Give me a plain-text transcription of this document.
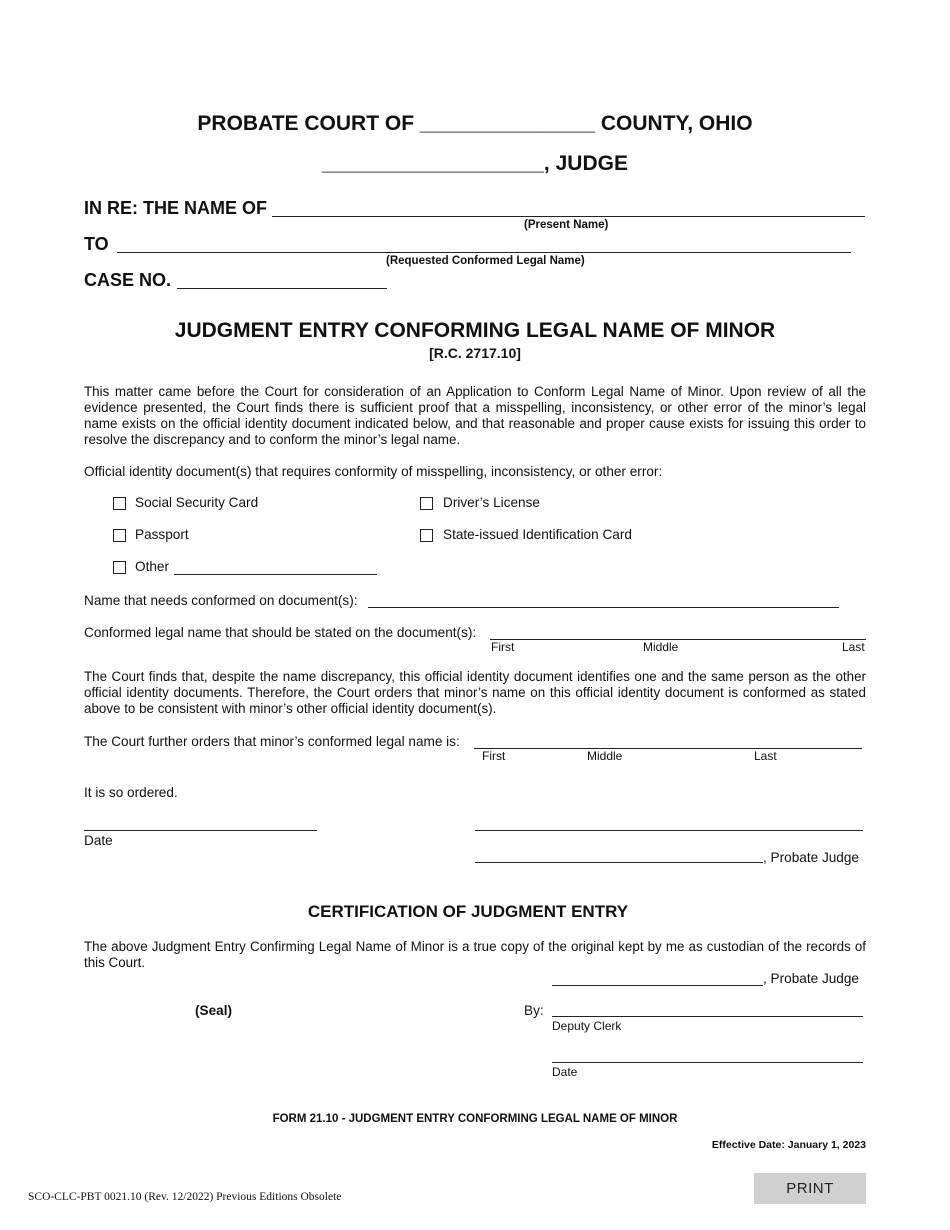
PROBATE COURT OF _______________ COUNTY, OHIO
___________________, JUDGE
IN RE: THE NAME OF
(Present Name)
TO
(Requested Conformed Legal Name)
CASE NO.
JUDGMENT ENTRY CONFORMING LEGAL NAME OF MINOR
[R.C. 2717.10]
This matter came before the Court for consideration of an Application to Conform Legal Name of Minor. Upon review of all the evidence presented, the Court finds there is sufficient proof that a misspelling, inconsistency, or other error of the minor’s legal name exists on the official identity document indicated below, and that reasonable and proper cause exists for issuing this order to resolve the discrepancy and to conform the minor’s legal name.
Official identity document(s) that requires conformity of misspelling, inconsistency, or other error:
Social Security Card	Driver’s License
Passport	State-issued Identification Card
Other
Name that needs conformed on document(s):
Conformed legal name that should be stated on the document(s):
First	Middle	Last
The Court finds that, despite the name discrepancy, this official identity document identifies one and the same person as the other official identity documents. Therefore, the Court orders that minor’s name on this official identity document is conformed as stated above to be consistent with minor’s other official identity document(s).
The Court further orders that minor’s conformed legal name is:
First	Middle	Last
It is so ordered.
Date
, Probate Judge
CERTIFICATION OF JUDGMENT ENTRY
The above Judgment Entry Confirming Legal Name of Minor is a true copy of the original kept by me as custodian of the records of this Court.
, Probate Judge
(Seal)	By:
Deputy Clerk
Date
FORM 21.10 - JUDGMENT ENTRY CONFORMING LEGAL NAME OF MINOR
Effective Date: January 1, 2023
SCO-CLC-PBT 0021.10 (Rev. 12/2022) Previous Editions Obsolete	PRINT
